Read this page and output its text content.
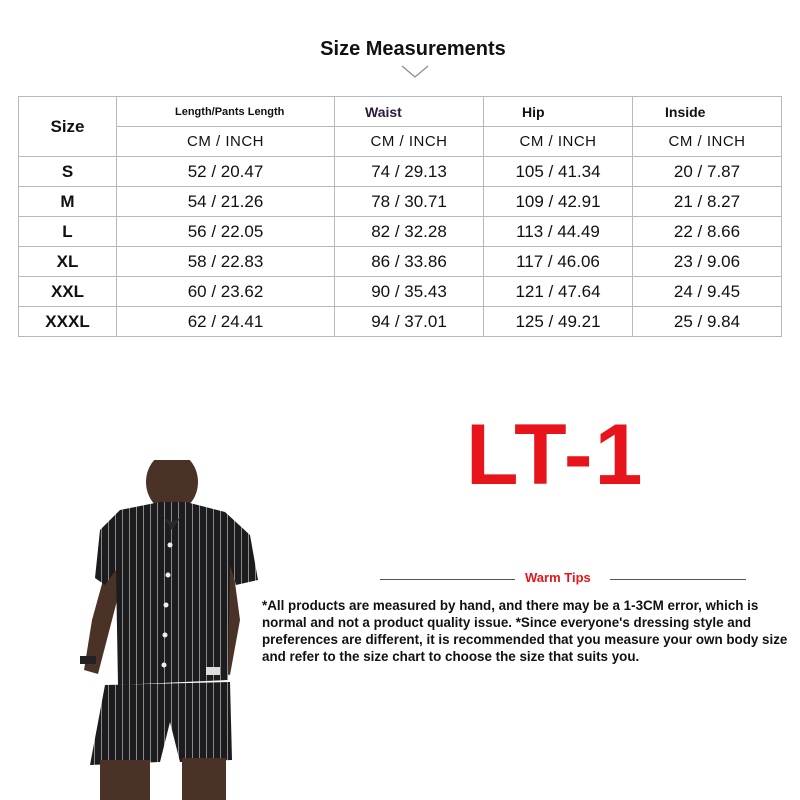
Size Measurements
Size	Length/Pants Length	Waist	Hip	Inside

	CM / INCH	CM / INCH	CM / INCH	CM / INCH
S	52 / 20.47	74 / 29.13	105 / 41.34	20 / 7.87
M	54 / 21.26	78 / 30.71	109 / 42.91	21 / 8.27
L	56 / 22.05	82 / 32.28	113 / 44.49	22 / 8.66
XL	58 / 22.83	86 / 33.86	117 / 46.06	23 / 9.06
XXL	60 / 23.62	90 / 35.43	121 / 47.64	24 / 9.45
XXXL	62 / 24.41	94 / 37.01	125 / 49.21	25 / 9.84
LT-1
Warm Tips
*All products are measured by hand, and there may be a 1-3CM error, which is normal and not a product quality issue. *Since everyone's dressing style and preferences are different, it is recommended that you measure your own body size and refer to the size chart to choose the size that suits you.
